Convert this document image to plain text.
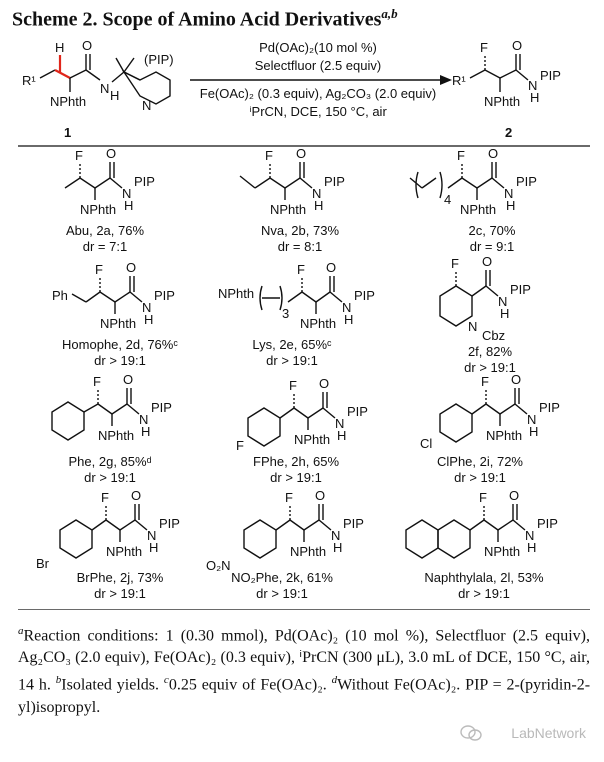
Scheme 2. Scope of Amino Acid Derivatives$^{a,b}$
R¹
H
NPhth
O
N H
(PIP)
N
1
Pd(OAc)₂(10 mol %)
Selectfluor (2.5 equiv)
Fe(OAc)₂ (0.3 equiv), Ag₂CO₃ (2.0 equiv)
ⁱPrCN, DCE, 150 °C, air
R¹
F
NPhth
O
N
H
PIP
2
F
NPhth
O
N
H
PIP
Abu, 2a, 76%
dr = 7:1
F
NPhth
O
N
H
PIP
Nva, 2b, 73%
dr = 8:1
4
F
NPhth
O
N
H
PIP
2c, 70%
dr = 9:1
Ph
F
NPhth
O
N
H
PIP
Homophe, 2d, 76%ᶜ
dr > 19:1
NPhth
3
F
NPhth
O
N
H
PIP
Lys, 2e, 65%ᶜ
dr > 19:1
F
N
Cbz
O
N
H
PIP
2f, 82%
dr > 19:1
F
NPhth
O
N
H
PIP
Phe, 2g, 85%ᵈ
dr > 19:1
F
F
NPhth
O
N
H
PIP
FPhe, 2h, 65%
dr > 19:1
Cl
F
NPhth
O
N
H
PIP
ClPhe, 2i, 72%
dr > 19:1
Br
F
NPhth
O
N
H
PIP
BrPhe, 2j, 73%
dr > 19:1
O₂N
F
NPhth
O
N
H
PIP
NO₂Phe, 2k, 61%
dr > 19:1
F
NPhth
O
N
H
PIP
Naphthylala, 2l, 53%
dr > 19:1
$^a$Reaction conditions: 1 (0.30 mmol), Pd(OAc)₂ (10 mol %), Selectfluor (2.5 equiv), Ag₂CO₃ (2.0 equiv), Fe(OAc)₂ (0.3 equiv), ⁱPrCN (300 μL), 3.0 mL of DCE, 150 °C, air, 14 h. $^b$Isolated yields. $^c$0.25 equiv of Fe(OAc)₂. $^d$Without Fe(OAc)₂. PIP = 2-(pyridin-2-yl)isopropyl.
LabNetwork
